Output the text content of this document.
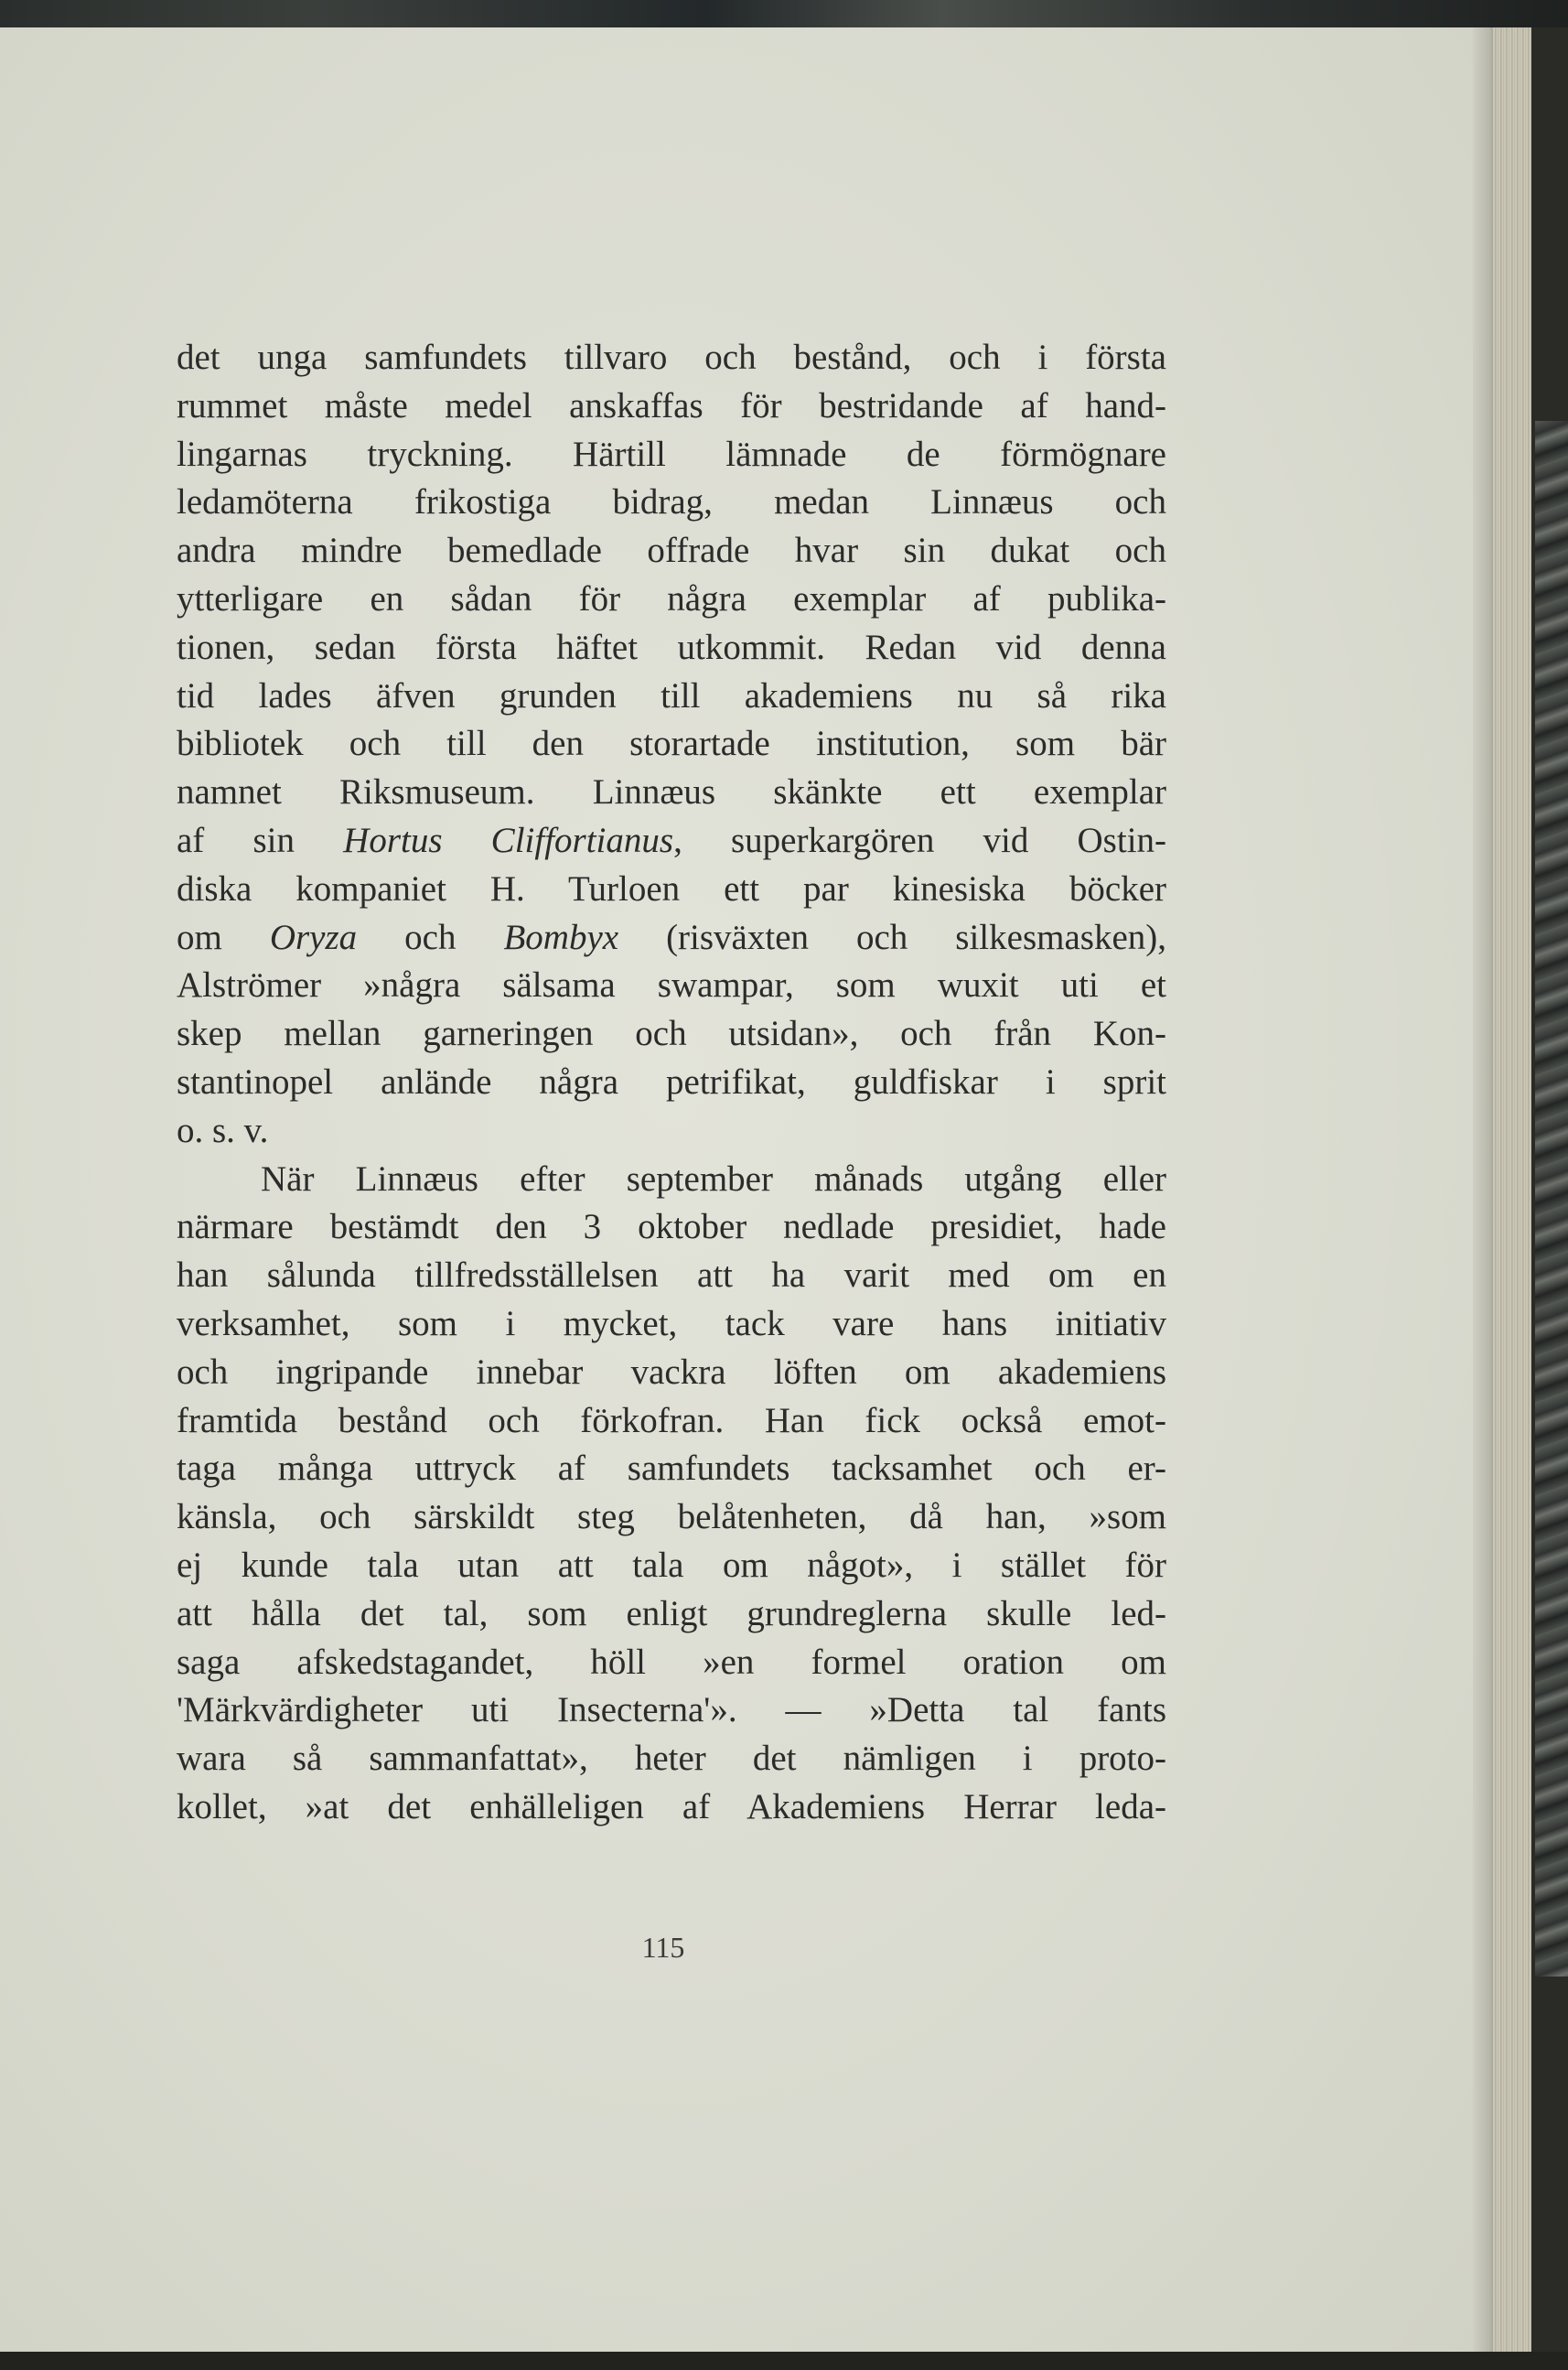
det unga samfundets tillvaro och bestånd, och i första
rummet måste medel anskaffas för bestridande af hand-
lingarnas tryckning. Härtill lämnade de förmögnare
ledamöterna frikostiga bidrag, medan Linnæus och
andra mindre bemedlade offrade hvar sin dukat och
ytterligare en sådan för några exemplar af publika-
tionen, sedan första häftet utkommit. Redan vid denna
tid lades äfven grunden till akademiens nu så rika
bibliotek och till den storartade institution, som bär
namnet Riksmuseum. Linnæus skänkte ett exemplar
af sin Hortus Cliffortianus, superkargören vid Ostin-
diska kompaniet H. Turloen ett par kinesiska böcker
om Oryza och Bombyx (risväxten och silkesmasken),
Alströmer »några sälsama swampar, som wuxit uti et
skep mellan garneringen och utsidan», och från Kon-
stantinopel anlände några petrifikat, guldfiskar i sprit
o. s. v.
När Linnæus efter september månads utgång eller
närmare bestämdt den 3 oktober nedlade presidiet, hade
han sålunda tillfredsställelsen att ha varit med om en
verksamhet, som i mycket, tack vare hans initiativ
och ingripande innebar vackra löften om akademiens
framtida bestånd och förkofran. Han fick också emot-
taga många uttryck af samfundets tacksamhet och er-
känsla, och särskildt steg belåtenheten, då han, »som
ej kunde tala utan att tala om något», i stället för
att hålla det tal, som enligt grundreglerna skulle led-
saga afskedstagandet, höll »en formel oration om
'Märkvärdigheter uti Insecterna'». — »Detta tal fants
wara så sammanfattat», heter det nämligen i proto-
kollet, »at det enhälleligen af Akademiens Herrar leda-
115
